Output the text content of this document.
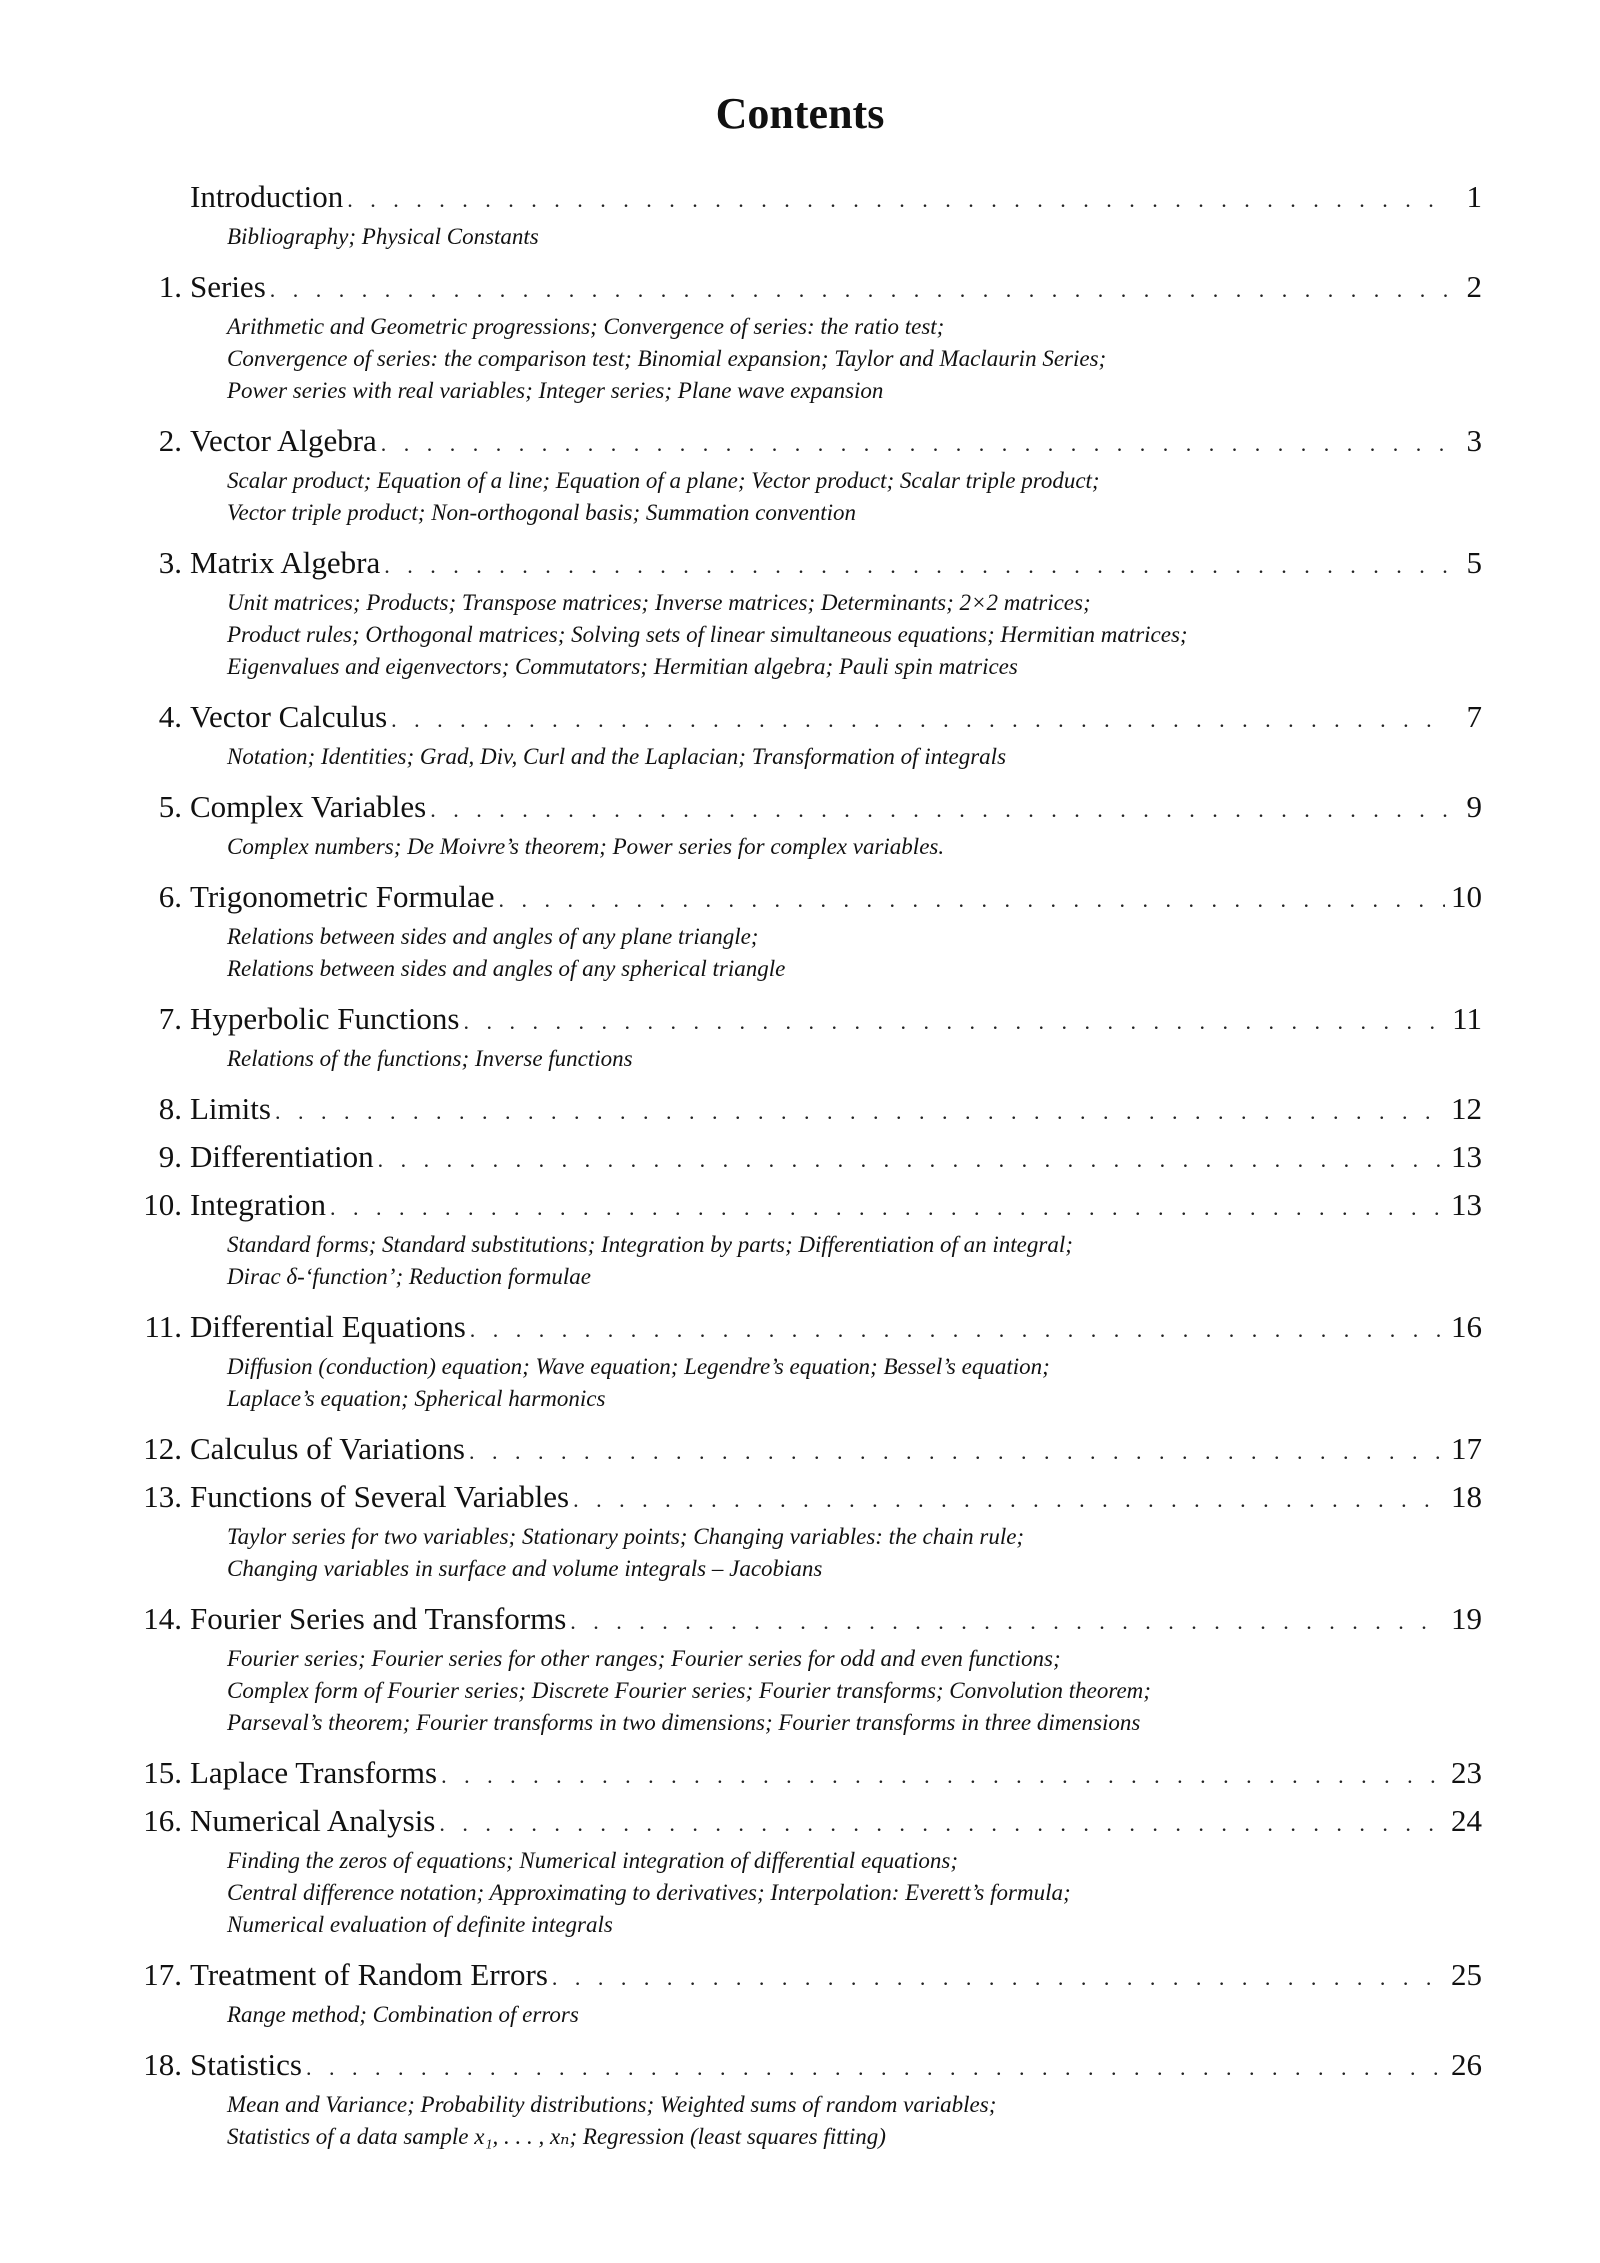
Contents
Introduction . . .	1
Bibliography; Physical Constants
1. Series . . .	2
Arithmetic and Geometric progressions; Convergence of series: the ratio test;
Convergence of series: the comparison test; Binomial expansion; Taylor and Maclaurin Series;
Power series with real variables; Integer series; Plane wave expansion
2. Vector Algebra . . .	3
Scalar product; Equation of a line; Equation of a plane; Vector product; Scalar triple product;
Vector triple product; Non-orthogonal basis; Summation convention
3. Matrix Algebra . . .	5
Unit matrices; Products; Transpose matrices; Inverse matrices; Determinants; 2×2 matrices;
Product rules; Orthogonal matrices; Solving sets of linear simultaneous equations; Hermitian matrices;
Eigenvalues and eigenvectors; Commutators; Hermitian algebra; Pauli spin matrices
4. Vector Calculus . . .	7
Notation; Identities; Grad, Div, Curl and the Laplacian; Transformation of integrals
5. Complex Variables . . .	9
Complex numbers; De Moivre’s theorem; Power series for complex variables.
6. Trigonometric Formulae . . .	10
Relations between sides and angles of any plane triangle;
Relations between sides and angles of any spherical triangle
7. Hyperbolic Functions . . .	11
Relations of the functions; Inverse functions
8. Limits . . .	12
9. Differentiation . . .	13
10. Integration . . .	13
Standard forms; Standard substitutions; Integration by parts; Differentiation of an integral;
Dirac δ-‘function’; Reduction formulae
11. Differential Equations . . .	16
Diffusion (conduction) equation; Wave equation; Legendre’s equation; Bessel’s equation;
Laplace’s equation; Spherical harmonics
12. Calculus of Variations . . .	17
13. Functions of Several Variables . . .	18
Taylor series for two variables; Stationary points; Changing variables: the chain rule;
Changing variables in surface and volume integrals – Jacobians
14. Fourier Series and Transforms . . .	19
Fourier series; Fourier series for other ranges; Fourier series for odd and even functions;
Complex form of Fourier series; Discrete Fourier series; Fourier transforms; Convolution theorem;
Parseval’s theorem; Fourier transforms in two dimensions; Fourier transforms in three dimensions
15. Laplace Transforms . . .	23
16. Numerical Analysis . . .	24
Finding the zeros of equations; Numerical integration of differential equations;
Central difference notation; Approximating to derivatives; Interpolation: Everett’s formula;
Numerical evaluation of definite integrals
17. Treatment of Random Errors . . .	25
Range method; Combination of errors
18. Statistics . . .	26
Mean and Variance; Probability distributions; Weighted sums of random variables;
Statistics of a data sample x₁, . . . , xₙ; Regression (least squares fitting)
